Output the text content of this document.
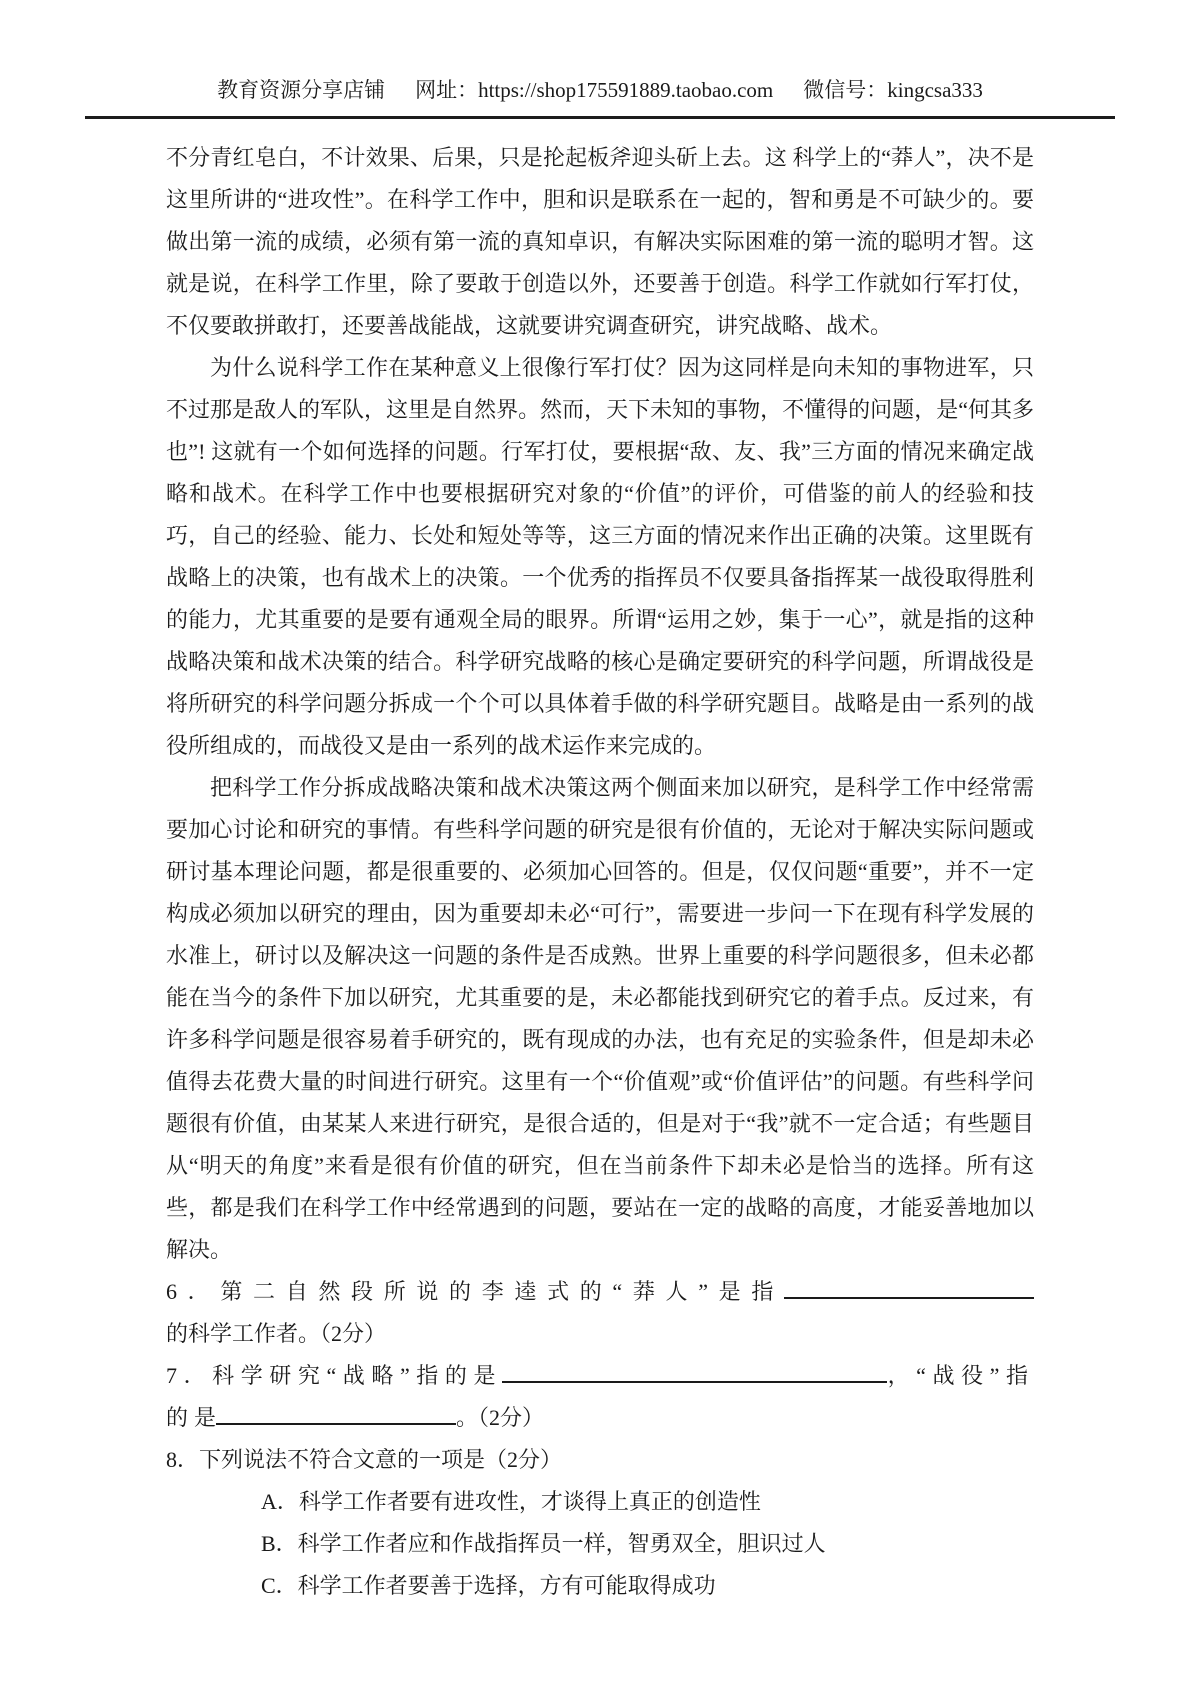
教育资源分享店铺 网址：https://shop175591889.taobao.com 微信号：kingcsa333

不分青红皂白，不计效果、后果，只是抡起板斧迎头斫上去。这 科学上的“莽人”，决不是这里所讲的“进攻性”。在科学工作中，胆和识是联系在一起的，智和勇是不可缺少的。要做出第一流的成绩，必须有第一流的真知卓识，有解决实际困难的第一流的聪明才智。这就是说，在科学工作里，除了要敢于创造以外，还要善于创造。科学工作就如行军打仗，不仅要敢拼敢打，还要善战能战，这就要讲究调查研究，讲究战略、战术。

为什么说科学工作在某种意义上很像行军打仗？因为这同样是向未知的事物进军，只不过那是敌人的军队，这里是自然界。然而，天下未知的事物，不懂得的问题，是“何其多也”! 这就有一个如何选择的问题。行军打仗，要根据“敌、友、我”三方面的情况来确定战略和战术。在科学工作中也要根据研究对象的“价值”的评价，可借鉴的前人的经验和技巧，自己的经验、能力、长处和短处等等，这三方面的情况来作出正确的决策。这里既有战略上的决策，也有战术上的决策。一个优秀的指挥员不仅要具备指挥某一战役取得胜利的能力，尤其重要的是要有通观全局的眼界。所谓“运用之妙，集于一心”，就是指的这种战略决策和战术决策的结合。科学研究战略的核心是确定要研究的科学问题，所谓战役是将所研究的科学问题分拆成一个个可以具体着手做的科学研究题目。战略是由一系列的战役所组成的，而战役又是由一系列的战术运作来完成的。

把科学工作分拆成战略决策和战术决策这两个侧面来加以研究，是科学工作中经常需要加心讨论和研究的事情。有些科学问题的研究是很有价值的，无论对于解决实际问题或研讨基本理论问题，都是很重要的、必须加心回答的。但是，仅仅问题“重要”，并不一定构成必须加以研究的理由，因为重要却未必“可行”，需要进一步问一下在现有科学发展的水准上，研讨以及解决这一问题的条件是否成熟。世界上重要的科学问题很多，但未必都能在当今的条件下加以研究，尤其重要的是，未必都能找到研究它的着手点。反过来，有许多科学问题是很容易着手研究的，既有现成的办法，也有充足的实验条件，但是却未必值得去花费大量的时间进行研究。这里有一个“价值观”或“价值评估”的问题。有些科学问题很有价值，由某某人来进行研究，是很合适的，但是对于“我”就不一定合适；有些题目从“明天的角度”来看是很有价值的研究，但在当前条件下却未必是恰当的选择。所有这些，都是我们在科学工作中经常遇到的问题，要站在一定的战略的高度，才能妥善地加以解决。

6．第二自然段所说的李逵式的“莽人”是指的科学工作者。（2分）

7．科学研究“战略”指的是	，“战役”指的是	。（2分）

8．下列说法不符合文意的一项是（2分）

A．科学工作者要有进攻性，才谈得上真正的创造性

B．科学工作者应和作战指挥员一样，智勇双全，胆识过人

C．科学工作者要善于选择，方有可能取得成功
